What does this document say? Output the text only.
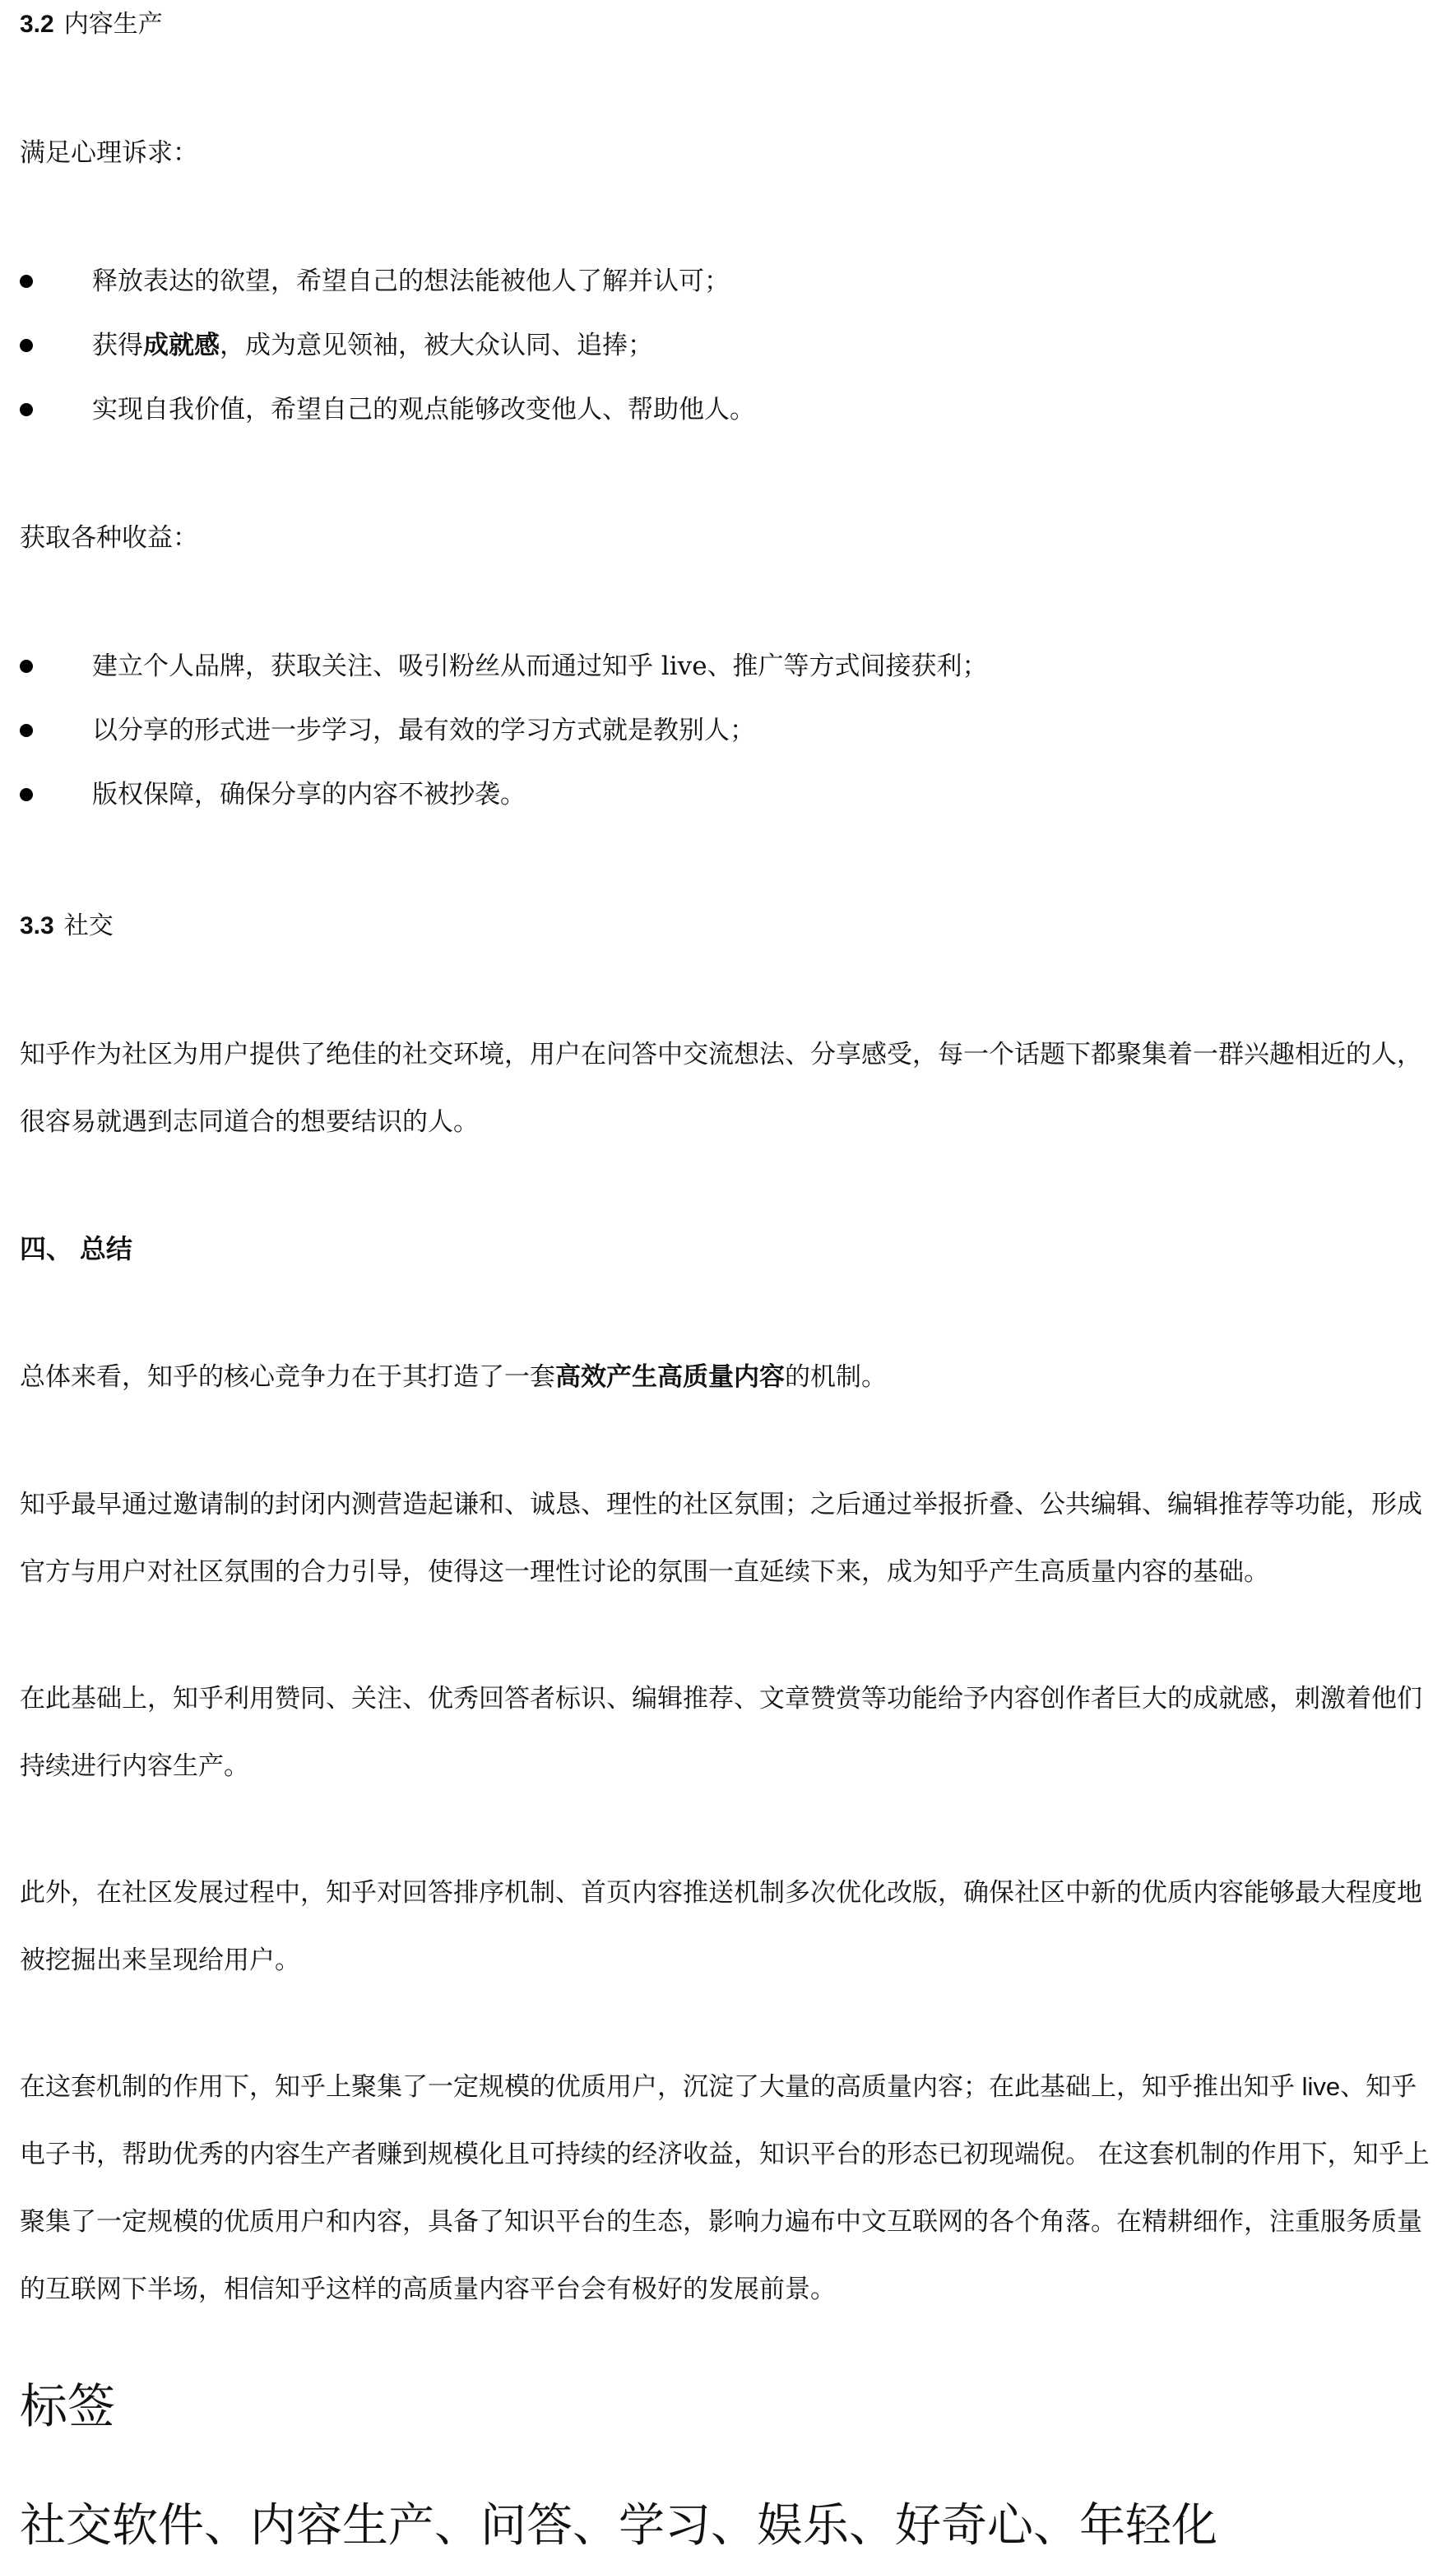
3.2 内容生产
满足心理诉求：
释放表达的欲望，希望自己的想法能被他人了解并认可；
获得成就感，成为意见领袖，被大众认同、追捧；
实现自我价值，希望自己的观点能够改变他人、帮助他人。
获取各种收益：
建立个人品牌，获取关注、吸引粉丝从而通过知乎 live、推广等方式间接获利；
以分享的形式进一步学习，最有效的学习方式就是教别人；
版权保障，确保分享的内容不被抄袭。
3.3 社交
知乎作为社区为用户提供了绝佳的社交环境，用户在问答中交流想法、分享感受，每一个话题下都聚集着一群兴趣相近的人，
很容易就遇到志同道合的想要结识的人。
四、 总结
总体来看，知乎的核心竞争力在于其打造了一套高效产生高质量内容的机制。
知乎最早通过邀请制的封闭内测营造起谦和、诚恳、理性的社区氛围；之后通过举报折叠、公共编辑、编辑推荐等功能，形成官方与用户对社区氛围的合力引导，使得这一理性讨论的氛围一直延续下来，成为知乎产生高质量内容的基础。
在此基础上，知乎利用赞同、关注、优秀回答者标识、编辑推荐、文章赞赏等功能给予内容创作者巨大的成就感，刺激着他们持续进行内容生产。
此外，在社区发展过程中，知乎对回答排序机制、首页内容推送机制多次优化改版，确保社区中新的优质内容能够最大程度地被挖掘出来呈现给用户。
在这套机制的作用下，知乎上聚集了一定规模的优质用户，沉淀了大量的高质量内容；在此基础上，知乎推出知乎 live、知乎电子书，帮助优秀的内容生产者赚到规模化且可持续的经济收益，知识平台的形态已初现端倪。 在这套机制的作用下，知乎上聚集了一定规模的优质用户和内容，具备了知识平台的生态，影响力遍布中文互联网的各个角落。在精耕细作，注重服务质量的互联网下半场，相信知乎这样的高质量内容平台会有极好的发展前景。
标签
社交软件、内容生产、问答、学习、娱乐、好奇心、年轻化
